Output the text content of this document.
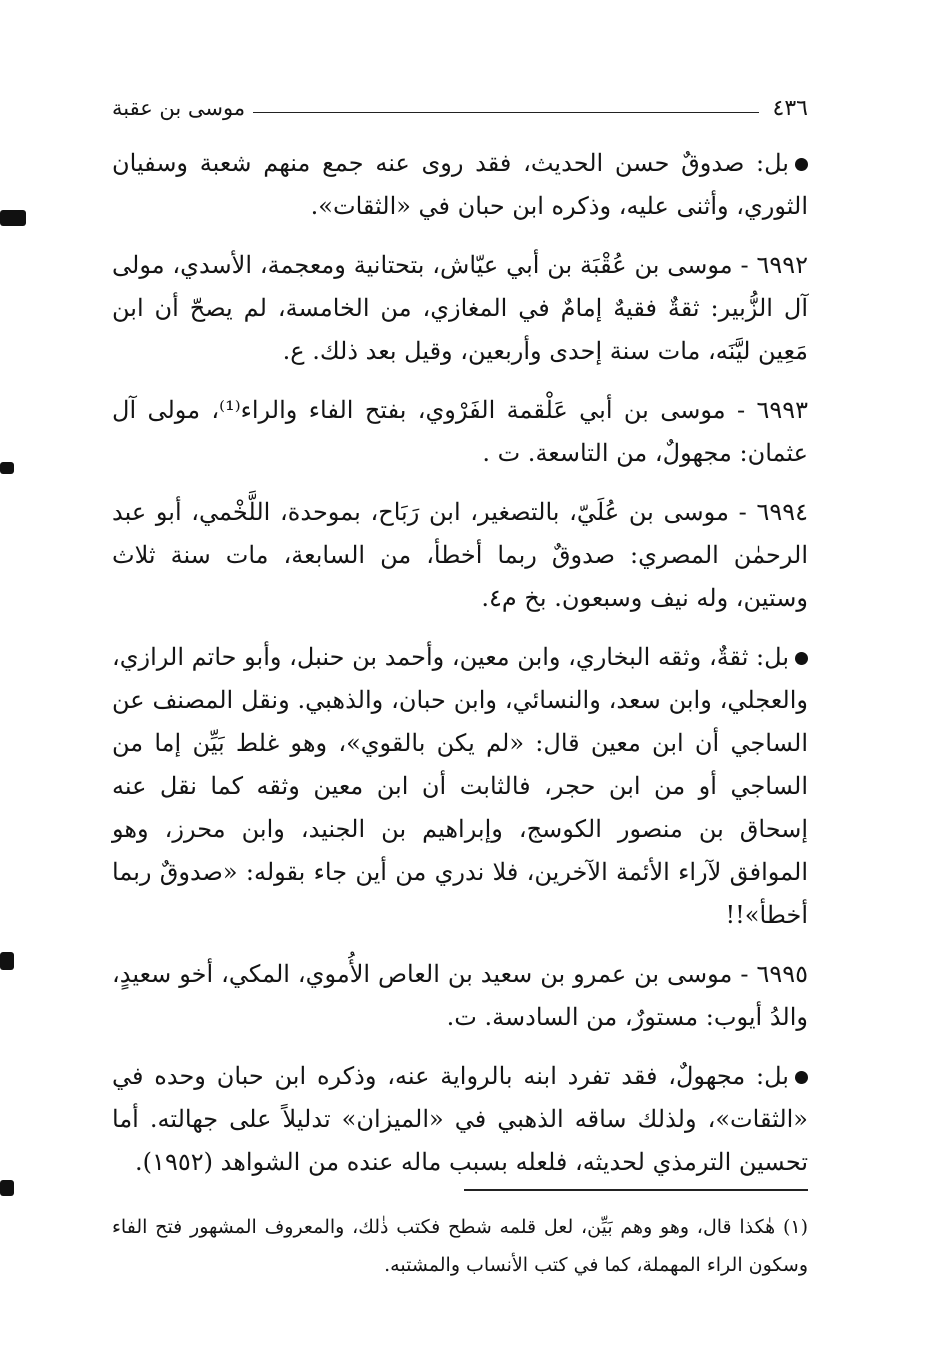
٤٣٦
موسى بن عقبة

بل: صدوقٌ حسن الحديث، فقد روى عنه جمع منهم شعبة وسفيان الثوري، وأثنى عليه، وذكره ابن حبان في «الثقات».

٦٩٩٢ - موسى بن عُقْبَة بن أبي عيّاش، بتحتانية ومعجمة، الأسدي، مولى آل الزُّبير: ثقةٌ فقيهٌ إمامٌ في المغازي، من الخامسة، لم يصحّ أن ابن مَعِين ليَّنَه، مات سنة إحدى وأربعين، وقيل بعد ذلك. ع.

٦٩٩٣ - موسى بن أبي عَلْقمة الفَرْوي، بفتح الفاء والراء⁽¹⁾، مولى آل عثمان: مجهولٌ، من التاسعة. ت .

٦٩٩٤ - موسى بن عُلَيّ، بالتصغير، ابن رَبَاح، بموحدة، اللَّخْمي، أبو عبد الرحمٰن المصري: صدوقٌ ربما أخطأ، من السابعة، مات سنة ثلاث وستين، وله نيف وسبعون. بخ م٤.

بل: ثقةٌ، وثقه البخاري، وابن معين، وأحمد بن حنبل، وأبو حاتم الرازي، والعجلي، وابن سعد، والنسائي، وابن حبان، والذهبي. ونقل المصنف عن الساجي أن ابن معين قال: «لم يكن بالقوي»، وهو غلط بَيِّن إما من الساجي أو من ابن حجر، فالثابت أن ابن معين وثقه كما نقل عنه إسحاق بن منصور الكوسج، وإبراهيم بن الجنيد، وابن محرز، وهو الموافق لآراء الأئمة الآخرين، فلا ندري من أين جاء بقوله: «صدوقٌ ربما أخطأ»!!

٦٩٩٥ - موسى بن عمرو بن سعيد بن العاص الأُموي، المكي، أخو سعيدٍ، والدُ أيوب: مستورٌ، من السادسة. ت.

بل: مجهولٌ، فقد تفرد ابنه بالرواية عنه، وذكره ابن حبان وحده في «الثقات»، ولذلك ساقه الذهبي في «الميزان» تدليلاً على جهالته. أما تحسين الترمذي لحديثه، فلعله بسبب ماله عنده من الشواهد (١٩٥٢).

(١) هٰكذا قال، وهو وهم بَيِّن، لعل قلمه شطح فكتب ذٰلك، والمعروف المشهور فتح الفاء وسكون الراء المهملة، كما في كتب الأنساب والمشتبه.
